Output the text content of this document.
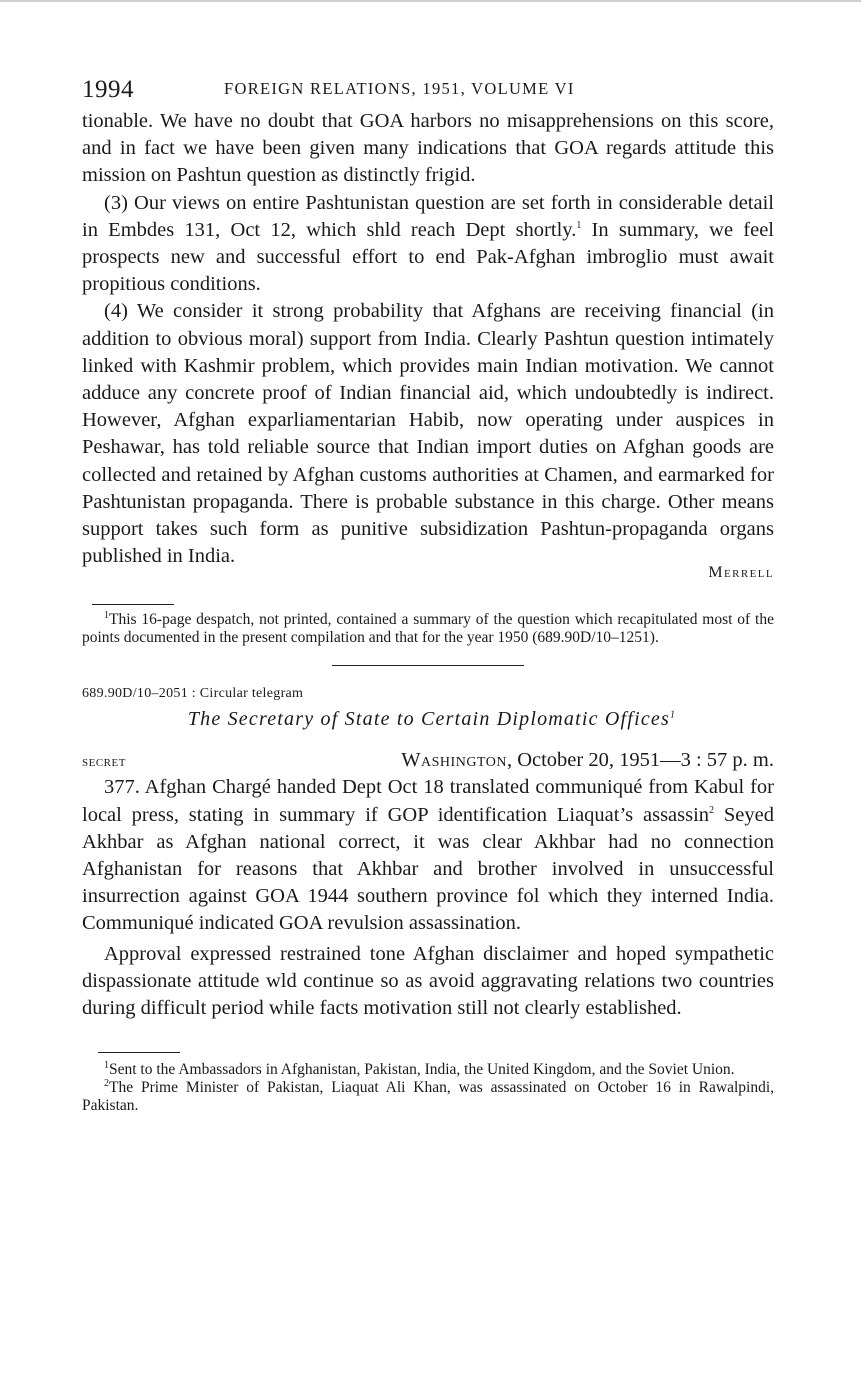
1994	FOREIGN RELATIONS, 1951, VOLUME VI

tionable. We have no doubt that GOA harbors no misapprehensions on this score, and in fact we have been given many indications that GOA regards attitude this mission on Pashtun question as distinctly frigid.

(3) Our views on entire Pashtunistan question are set forth in considerable detail in Embdes 131, Oct 12, which shld reach Dept shortly.$^1$ In summary, we feel prospects new and successful effort to end Pak-Afghan imbroglio must await propitious conditions.

(4) We consider it strong probability that Afghans are receiving financial (in addition to obvious moral) support from India. Clearly Pashtun question intimately linked with Kashmir problem, which provides main Indian motivation. We cannot adduce any concrete proof of Indian financial aid, which undoubtedly is indirect. However, Afghan exparliamentarian Habib, now operating under auspices in Peshawar, has told reliable source that Indian import duties on Afghan goods are collected and retained by Afghan customs authorities at Chamen, and earmarked for Pashtunistan propaganda. There is probable substance in this charge. Other means support takes such form as punitive subsidization Pashtun-propaganda organs published in India.

Merrell

$^1$This 16-page despatch, not printed, contained a summary of the question which recapitulated most of the points documented in the present compilation and that for the year 1950 (689.90D/10–1251).

689.90D/10–2051 : Circular telegram
The Secretary of State to Certain Diplomatic Offices$^1$
secret	Washington, October 20, 1951—3 : 57 p. m.

377. Afghan Chargé handed Dept Oct 18 translated communiqué from Kabul for local press, stating in summary if GOP identification Liaquat’s assassin$^2$ Seyed Akhbar as Afghan national correct, it was clear Akhbar had no connection Afghanistan for reasons that Akhbar and brother involved in unsuccessful insurrection against GOA 1944 southern province fol which they interned India. Communiqué indicated GOA revulsion assassination.

Approval expressed restrained tone Afghan disclaimer and hoped sympathetic dispassionate attitude wld continue so as avoid aggravating relations two countries during difficult period while facts motivation still not clearly established.

$^1$Sent to the Ambassadors in Afghanistan, Pakistan, India, the United Kingdom, and the Soviet Union.

$^2$The Prime Minister of Pakistan, Liaquat Ali Khan, was assassinated on October 16 in Rawalpindi, Pakistan.
